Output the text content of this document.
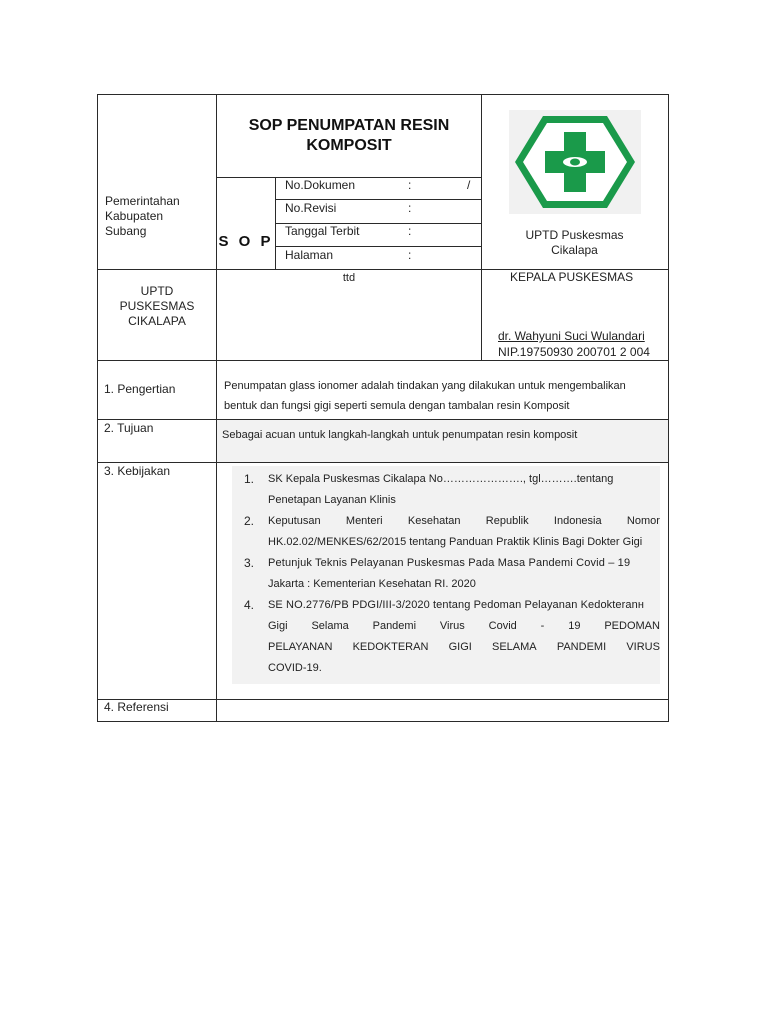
SOP PENUMPATAN RESIN
KOMPOSIT
Pemerintahan
Kabupaten
Subang
S O P
No.Dokumen	:	/
No.Revisi	:
Tanggal Terbit	:
Halaman	:
UPTD Puskesmas
Cikalapa
UPTD
PUSKESMAS
CIKALAPA
ttd	KEPALA PUSKESMAS
dr. Wahyuni Suci Wulandari
NIP.19750930 200701 2 004
1. Pengertian	Penumpatan glass ionomer adalah tindakan yang dilakukan untuk mengembalikan
bentuk dan fungsi gigi seperti semula dengan tambalan resin Komposit
2. Tujuan	Sebagai acuan untuk langkah-langkah untuk penumpatan resin komposit
3. Kebijakan
1.	SK Kepala Puskesmas Cikalapa No…………………., tgl……….tentang
Penetapan Layanan Klinis
2.	Keputusan Menteri Kesehatan Republik Indonesia Nomor
HK.02.02/MENKES/62/2015 tentang Panduan Praktik Klinis Bagi Dokter Gigi
3.	Petunjuk Teknis Pelayanan Puskesmas Pada Masa Pandemi Covid – 19
Jakarta : Kementerian Kesehatan RI. 2020
4.	SE NO.2776/PB PDGI/III-3/2020 tentang Pedoman Pelayanan Kedokteranн
Gigi Selama Pandemi Virus Covid - 19 PEDOMAN
PELAYANAN KEDOKTERAN GIGI SELAMA PANDEMI VIRUS
COVID-19.
4. Referensi
